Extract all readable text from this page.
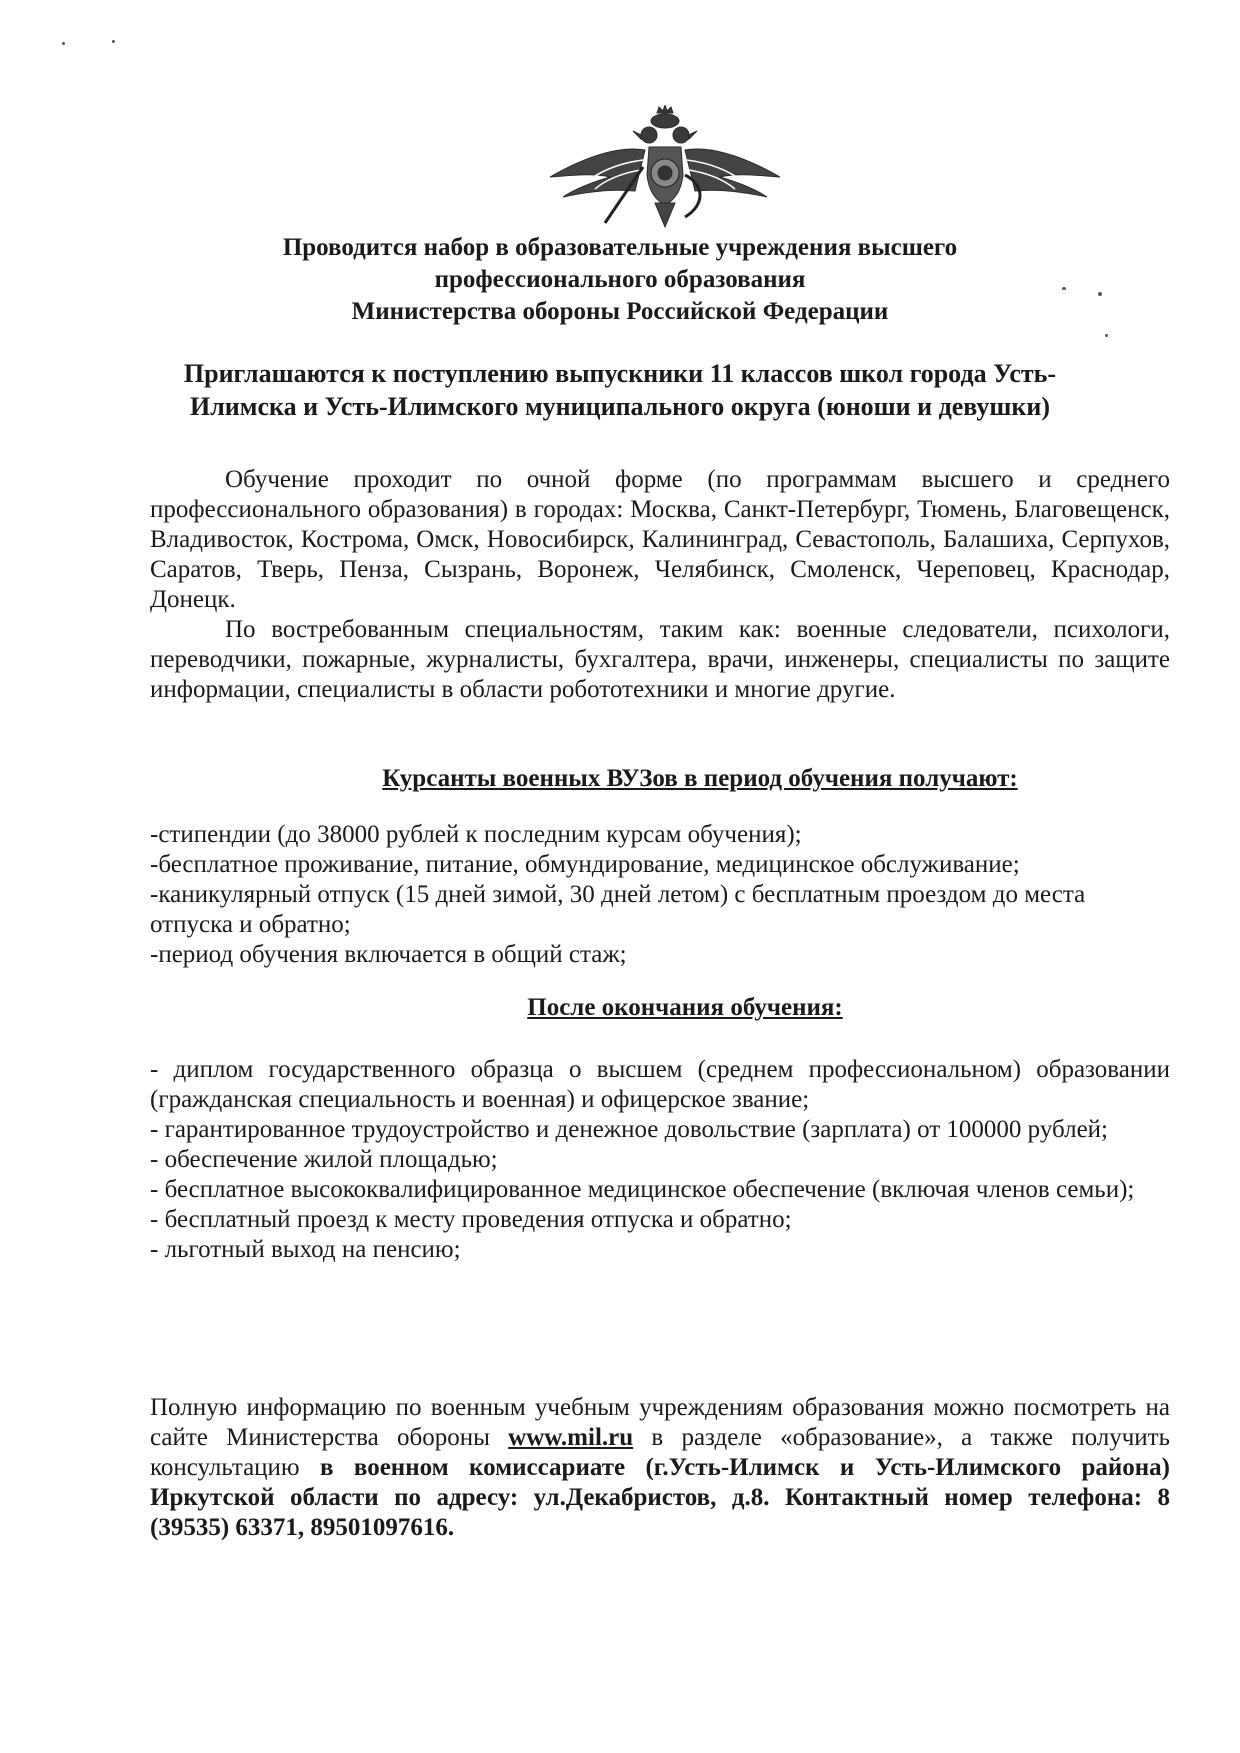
Проводится набор в образовательные учреждения высшего
профессионального образования
Министерства обороны Российской Федерации
Приглашаются к поступлению выпускники 11 классов школ города Усть-
Илимска и Усть-Илимского муниципального округа (юноши и девушки)

Обучение проходит по очной форме (по программам высшего и среднего профессионального образования) в городах: Москва, Санкт-Петербург, Тюмень, Благовещенск, Владивосток, Кострома, Омск, Новосибирск, Калининград, Севастополь, Балашиха, Серпухов, Саратов, Тверь, Пенза, Сызрань, Воронеж, Челябинск, Смоленск, Череповец, Краснодар, Донецк.

По востребованным специальностям, таким как: военные следователи, психологи, переводчики, пожарные, журналисты, бухгалтера, врачи, инженеры, специалисты по защите информации, специалисты в области робототехники и многие другие.

Курсанты военных ВУЗов в период обучения получают:

-стипендии (до 38000 рублей к последним курсам обучения);

-бесплатное проживание, питание, обмундирование, медицинское обслуживание;

-каникулярный отпуск (15 дней зимой, 30 дней летом) с бесплатным проездом до места отпуска и обратно;

-период обучения включается в общий стаж;

После окончания обучения:

- диплом государственного образца о высшем (среднем профессиональном) образовании (гражданская специальность и военная) и офицерское звание;

- гарантированное трудоустройство и денежное довольствие (зарплата) от 100000 рублей;

- обеспечение жилой площадью;

- бесплатное высококвалифицированное медицинское обеспечение (включая членов семьи);

- бесплатный проезд к месту проведения отпуска и обратно;

- льготный выход на пенсию;

Полную информацию по военным учебным учреждениям образования можно посмотреть на сайте Министерства обороны www.mil.ru в разделе «образование», а также получить консультацию в военном комиссариате (г.Усть-Илимск и Усть-Илимского района) Иркутской области по адресу: ул.Декабристов, д.8. Контактный номер телефона: 8 (39535) 63371, 89501097616.
